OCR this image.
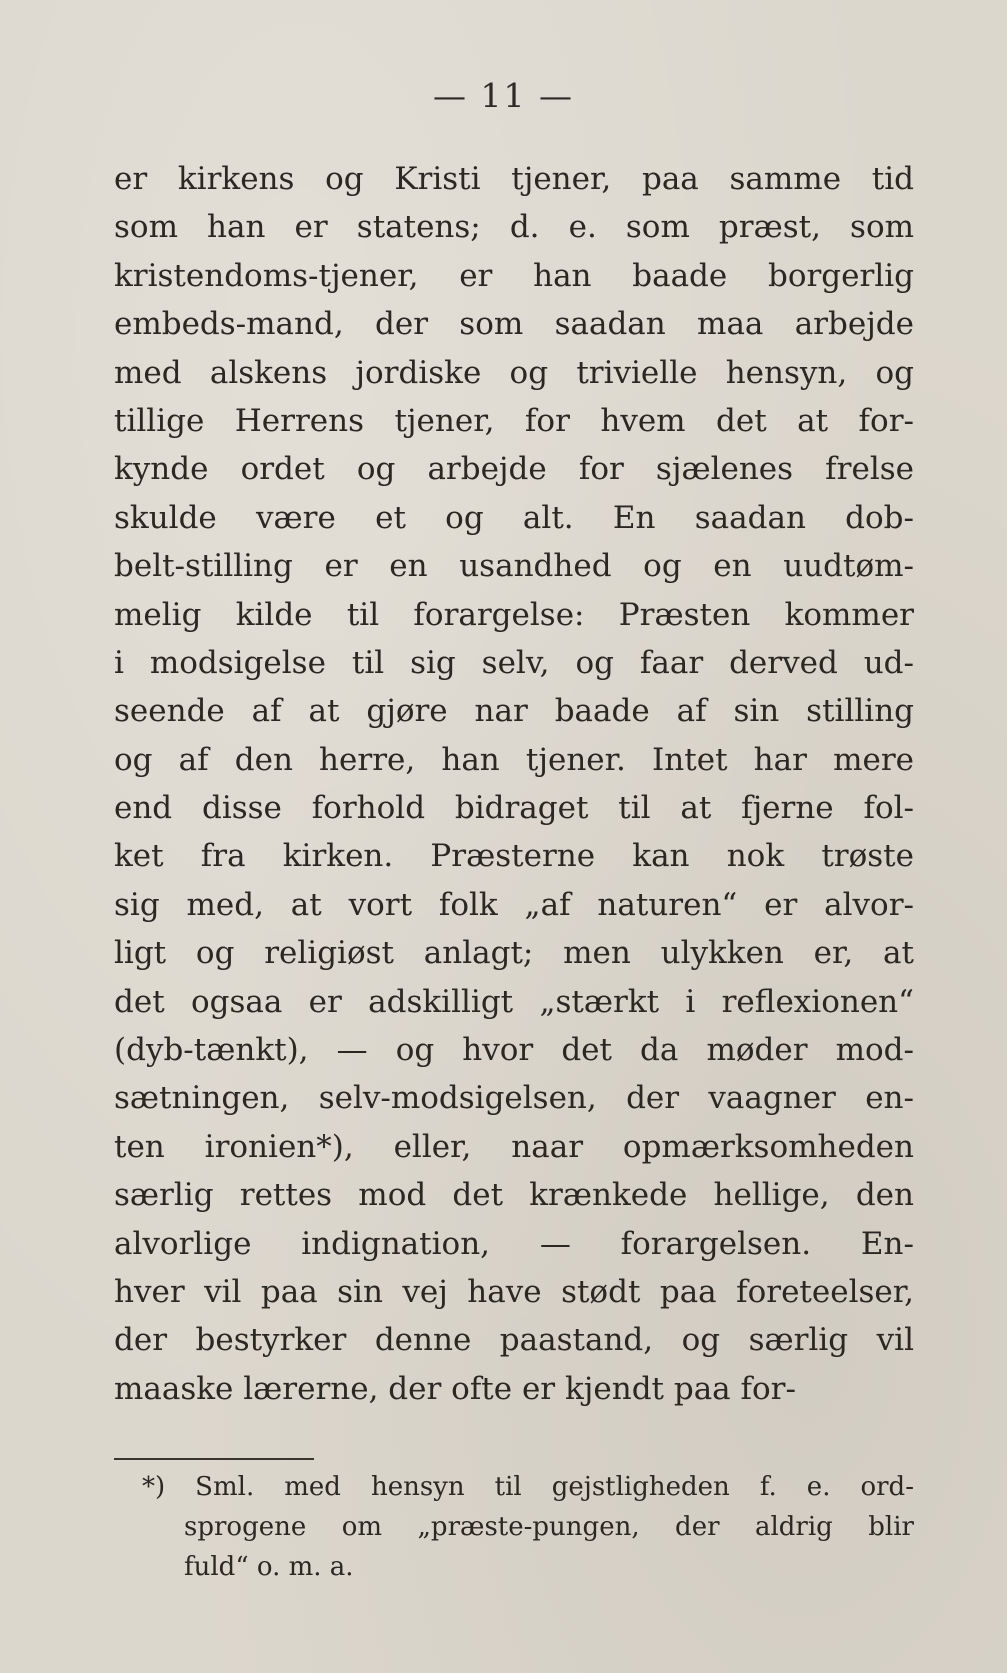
— 11 —
er kirkens og Kristi tjener, paa samme tid
som han er statens; d. e. som præst, som
kristendoms-tjener, er han baade borgerlig
embeds-mand, der som saadan maa arbejde
med alskens jordiske og trivielle hensyn, og
tillige Herrens tjener, for hvem det at for-
kynde ordet og arbejde for sjælenes frelse
skulde være et og alt. En saadan dob-
belt-stilling er en usandhed og en uudtøm-
melig kilde til forargelse: Præsten kommer
i modsigelse til sig selv, og faar derved ud-
seende af at gjøre nar baade af sin stilling
og af den herre, han tjener. Intet har mere
end disse forhold bidraget til at fjerne fol-
ket fra kirken. Præsterne kan nok trøste
sig med, at vort folk „af naturen“ er alvor-
ligt og religiøst anlagt; men ulykken er, at
det ogsaa er adskilligt „stærkt i reflexionen“
(dyb-tænkt), — og hvor det da møder mod-
sætningen, selv-modsigelsen, der vaagner en-
ten ironien*), eller, naar opmærksomheden
særlig rettes mod det krænkede hellige, den
alvorlige indignation, — forargelsen. En-
hver vil paa sin vej have stødt paa foreteelser,
der bestyrker denne paastand, og særlig vil
maaske lærerne, der ofte er kjendt paa for-
*) Sml. med hensyn til gejstligheden f. e. ord-
sprogene om „præste-pungen, der aldrig blir
fuld“ o. m. a.
